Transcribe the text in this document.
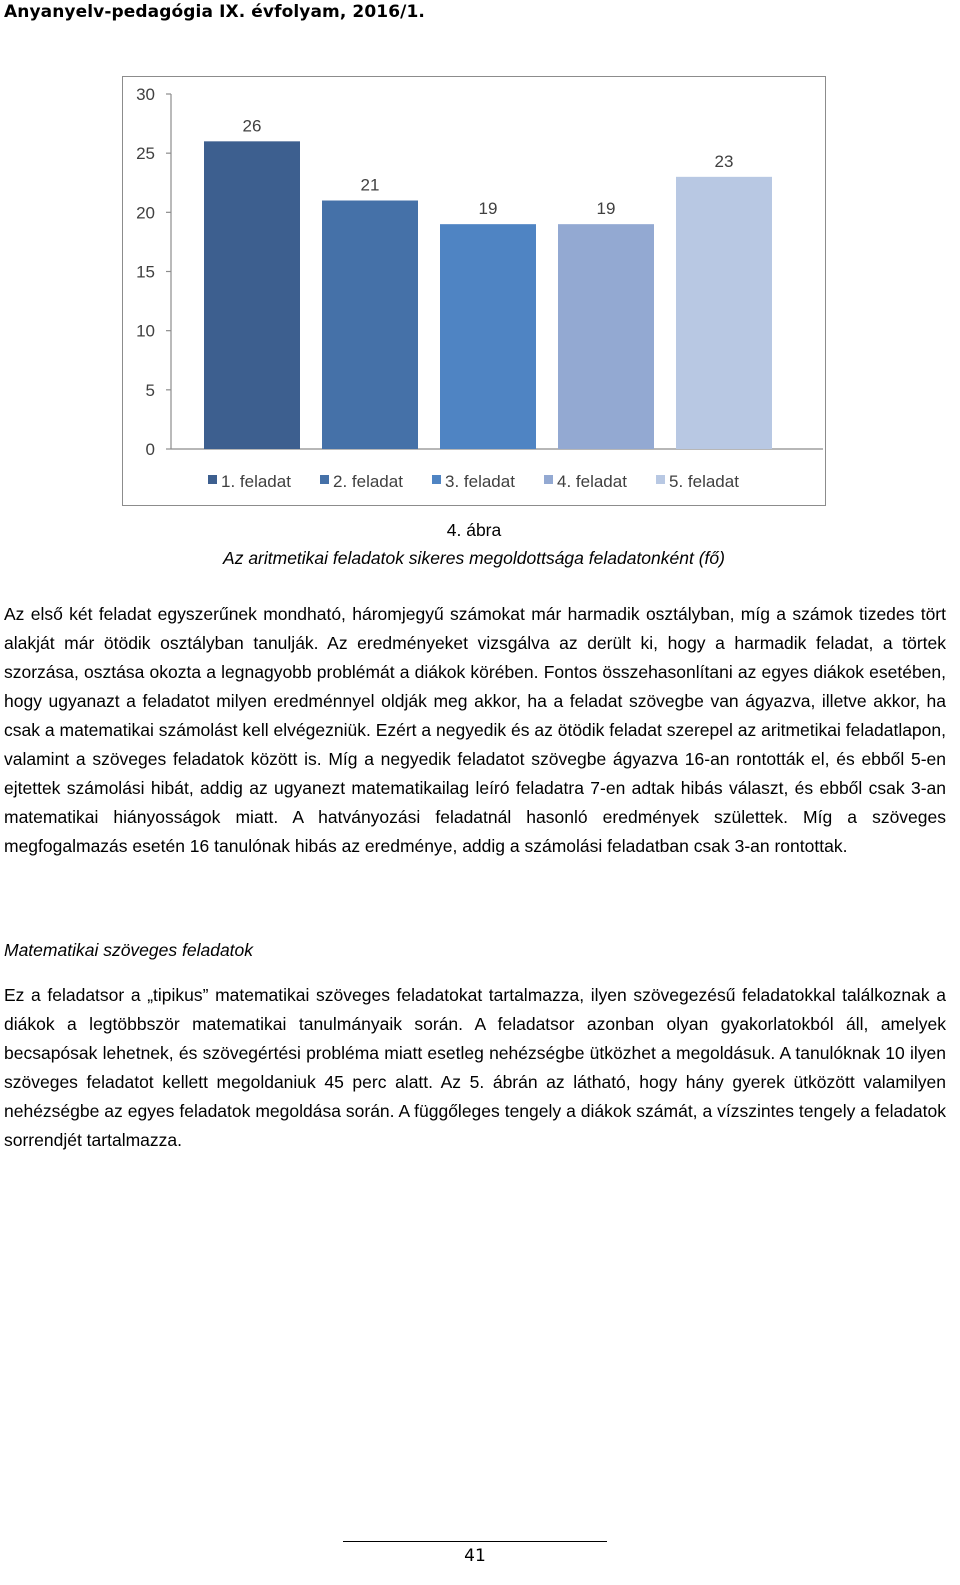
Anyanyelv-pedagógia IX. évfolyam, 2016/1.
0
5
10
15
20
25
30
26
21
19	19
23
1. feladat 2. feladat 3. feladat 4. feladat 5. feladat
4. ábra
Az aritmetikai feladatok sikeres megoldottsága feladatonként (fő)

Az első két feladat egyszerűnek mondható, háromjegyű számokat már harmadik osztályban, míg a számok tizedes tört alakját már ötödik osztályban tanulják. Az eredményeket vizsgálva az derült ki, hogy a harmadik feladat, a törtek szorzása, osztása okozta a legnagyobb problémát a diákok körében. Fontos összehasonlítani az egyes diákok esetében, hogy ugyanazt a feladatot milyen eredménnyel oldják meg akkor, ha a feladat szövegbe van ágyazva, illetve akkor, ha csak a matematikai számolást kell elvégezniük. Ezért a negyedik és az ötödik feladat szerepel az aritmetikai feladatlapon, valamint a szöveges feladatok között is. Míg a negyedik feladatot szövegbe ágyazva 16-an rontották el, és ebből 5-en ejtettek számolási hibát, addig az ugyanezt matematikailag leíró feladatra 7-en adtak hibás választ, és ebből csak 3-an matematikai hiányosságok miatt. A hatványozási feladatnál hasonló eredmények születtek. Míg a szöveges megfogalmazás esetén 16 tanulónak hibás az eredménye, addig a számolási feladatban csak 3-an rontottak.

Matematikai szöveges feladatok

Ez a feladatsor a „tipikus” matematikai szöveges feladatokat tartalmazza, ilyen szövegezésű feladatokkal találkoznak a diákok a legtöbbször matematikai tanulmányaik során. A feladatsor azonban olyan gyakorlatokból áll, amelyek becsapósak lehetnek, és szövegértési probléma miatt esetleg nehézségbe ütközhet a megoldásuk. A tanulóknak 10 ilyen szöveges feladatot kellett megoldaniuk 45 perc alatt. Az 5. ábrán az látható, hogy hány gyerek ütközött valamilyen nehézségbe az egyes feladatok megoldása során. A függőleges tengely a diákok számát, a vízszintes tengely a feladatok sorrendjét tartalmazza.

41
